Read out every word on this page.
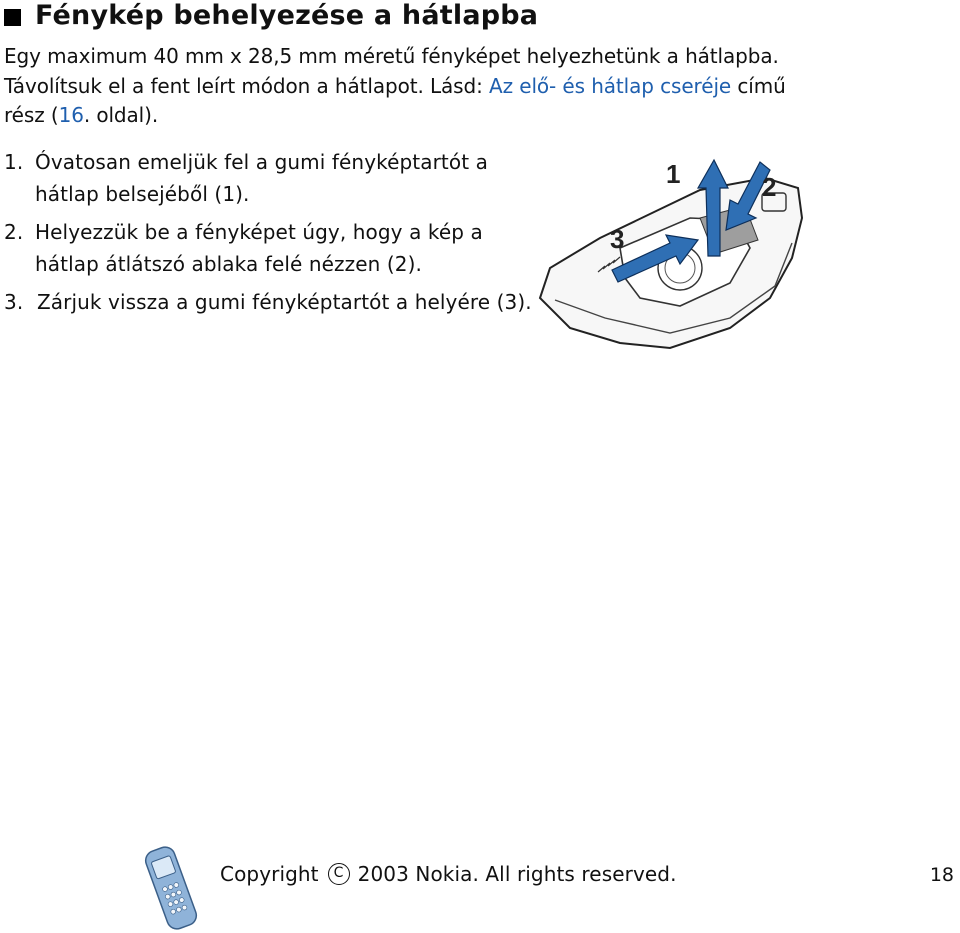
Fénykép behelyezése a hátlapba

Egy maximum 40 mm x 28,5 mm méretű fényképet helyezhetünk a hátlapba. Távolítsuk el a fent leírt módon a hátlapot. Lásd: Az elő- és hátlap cseréje című rész (16. oldal).

1. Óvatosan emeljük fel a gumi fényképtartót a hátlap belsejéből (1).
2. Helyezzük be a fényképet úgy, hogy a kép a hátlap átlátszó ablaka felé nézzen (2).
3. Zárjuk vissza a gumi fényképtartót a helyére (3).
1	2
3
Copyright	C 2003 Nokia. All rights reserved.	18
